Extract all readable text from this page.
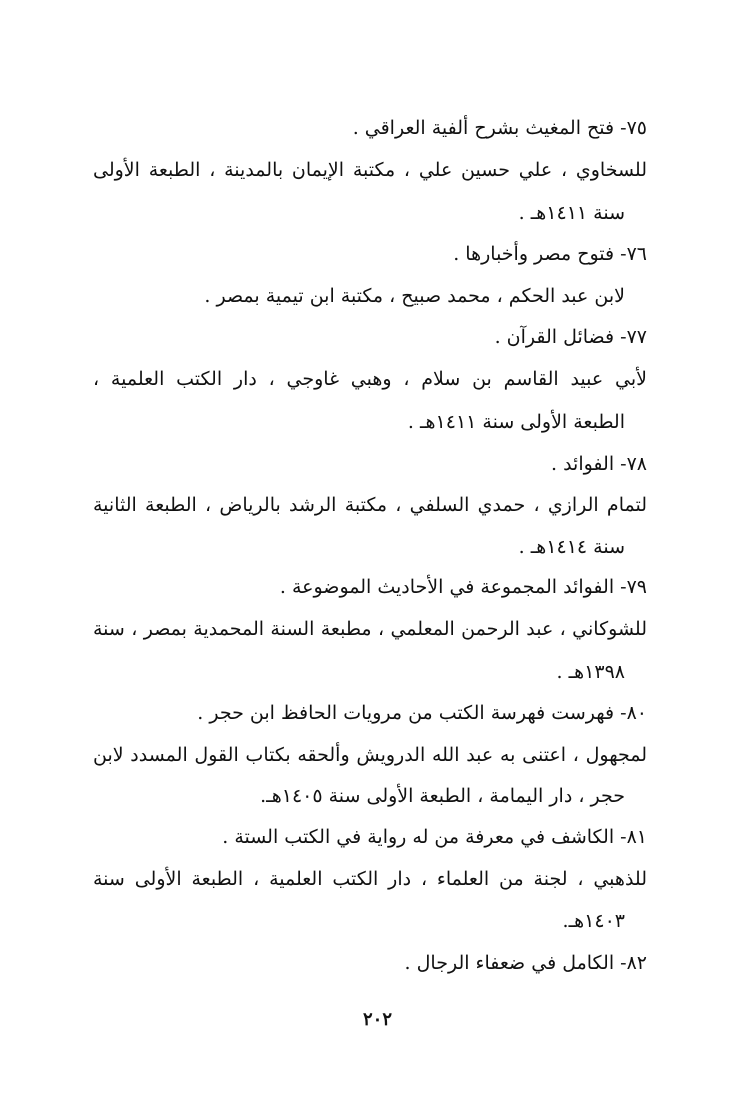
٧٥- فتح المغيث بشرح ألفية العراقي .
للسخاوي ، علي حسين علي ، مكتبة الإيمان بالمدينة ، الطبعة الأولى
سنة ١٤١١هـ .
٧٦- فتوح مصر وأخبارها .
لابن عبد الحكم ، محمد صبيح ، مكتبة ابن تيمية بمصر .
٧٧- فضائل القرآن .
لأبي عبيد القاسم بن سلام ، وهبي غاوجي ، دار الكتب العلمية ،
الطبعة الأولى سنة ١٤١١هـ .
٧٨- الفوائد .
لتمام الرازي ، حمدي السلفي ، مكتبة الرشد بالرياض ، الطبعة الثانية
سنة ١٤١٤هـ .
٧٩- الفوائد المجموعة في الأحاديث الموضوعة .
للشوكاني ، عبد الرحمن المعلمي ، مطبعة السنة المحمدية بمصر ، سنة
١٣٩٨هـ .
٨٠- فهرست فهرسة الكتب من مرويات الحافظ ابن حجر .
لمجهول ، اعتنى به عبد الله الدرويش وألحقه بكتاب القول المسدد لابن
حجر ، دار اليمامة ، الطبعة الأولى سنة ١٤٠٥هـ.
٨١- الكاشف في معرفة من له رواية في الكتب الستة .
للذهبي ، لجنة من العلماء ، دار الكتب العلمية ، الطبعة الأولى سنة
١٤٠٣هـ.
٨٢- الكامل في ضعفاء الرجال .
٢٠٢
